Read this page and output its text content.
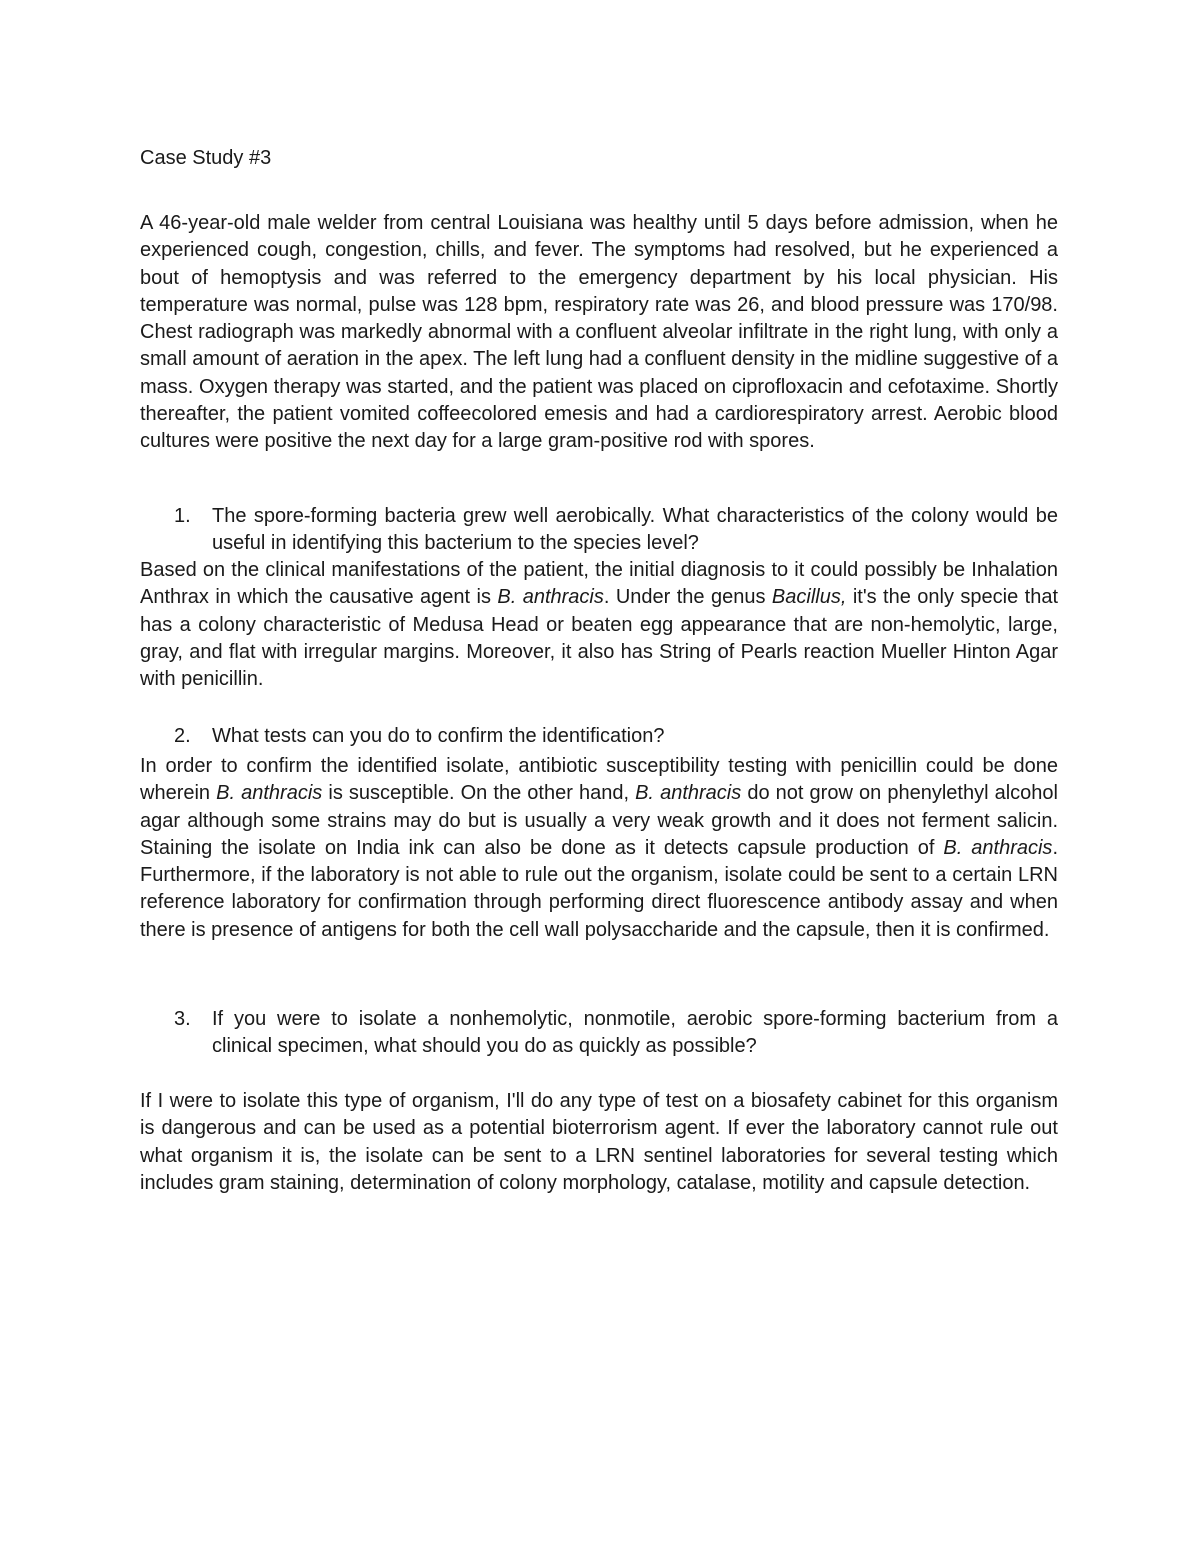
Case Study #3

A 46-year-old male welder from central Louisiana was healthy until 5 days before admission, when he experienced cough, congestion, chills, and fever. The symptoms had resolved, but he experienced a bout of hemoptysis and was referred to the emergency department by his local physician. His temperature was normal, pulse was 128 bpm, respiratory rate was 26, and blood pressure was 170/98. Chest radiograph was markedly abnormal with a confluent alveolar infiltrate in the right lung, with only a small amount of aeration in the apex. The left lung had a confluent density in the midline suggestive of a mass. Oxygen therapy was started, and the patient was placed on ciprofloxacin and cefotaxime. Shortly thereafter, the patient vomited coffeecolored emesis and had a cardiorespiratory arrest. Aerobic blood cultures were positive the next day for a large gram-positive rod with spores.

1. The spore-forming bacteria grew well aerobically. What characteristics of the colony would be useful in identifying this bacterium to the species level?

Based on the clinical manifestations of the patient, the initial diagnosis to it could possibly be Inhalation Anthrax in which the causative agent is B. anthracis. Under the genus Bacillus, it's the only specie that has a colony characteristic of Medusa Head or beaten egg appearance that are non-hemolytic, large, gray, and flat with irregular margins. Moreover, it also has String of Pearls reaction Mueller Hinton Agar with penicillin.

2. What tests can you do to confirm the identification?

In order to confirm the identified isolate, antibiotic susceptibility testing with penicillin could be done wherein B. anthracis is susceptible. On the other hand, B. anthracis do not grow on phenylethyl alcohol agar although some strains may do but is usually a very weak growth and it does not ferment salicin. Staining the isolate on India ink can also be done as it detects capsule production of B. anthracis. Furthermore, if the laboratory is not able to rule out the organism, isolate could be sent to a certain LRN reference laboratory for confirmation through performing direct fluorescence antibody assay and when there is presence of antigens for both the cell wall polysaccharide and the capsule, then it is confirmed.

3. If you were to isolate a nonhemolytic, nonmotile, aerobic spore-forming bacterium from a clinical specimen, what should you do as quickly as possible?

If I were to isolate this type of organism, I'll do any type of test on a biosafety cabinet for this organism is dangerous and can be used as a potential bioterrorism agent. If ever the laboratory cannot rule out what organism it is, the isolate can be sent to a LRN sentinel laboratories for several testing which includes gram staining, determination of colony morphology, catalase, motility and capsule detection.
